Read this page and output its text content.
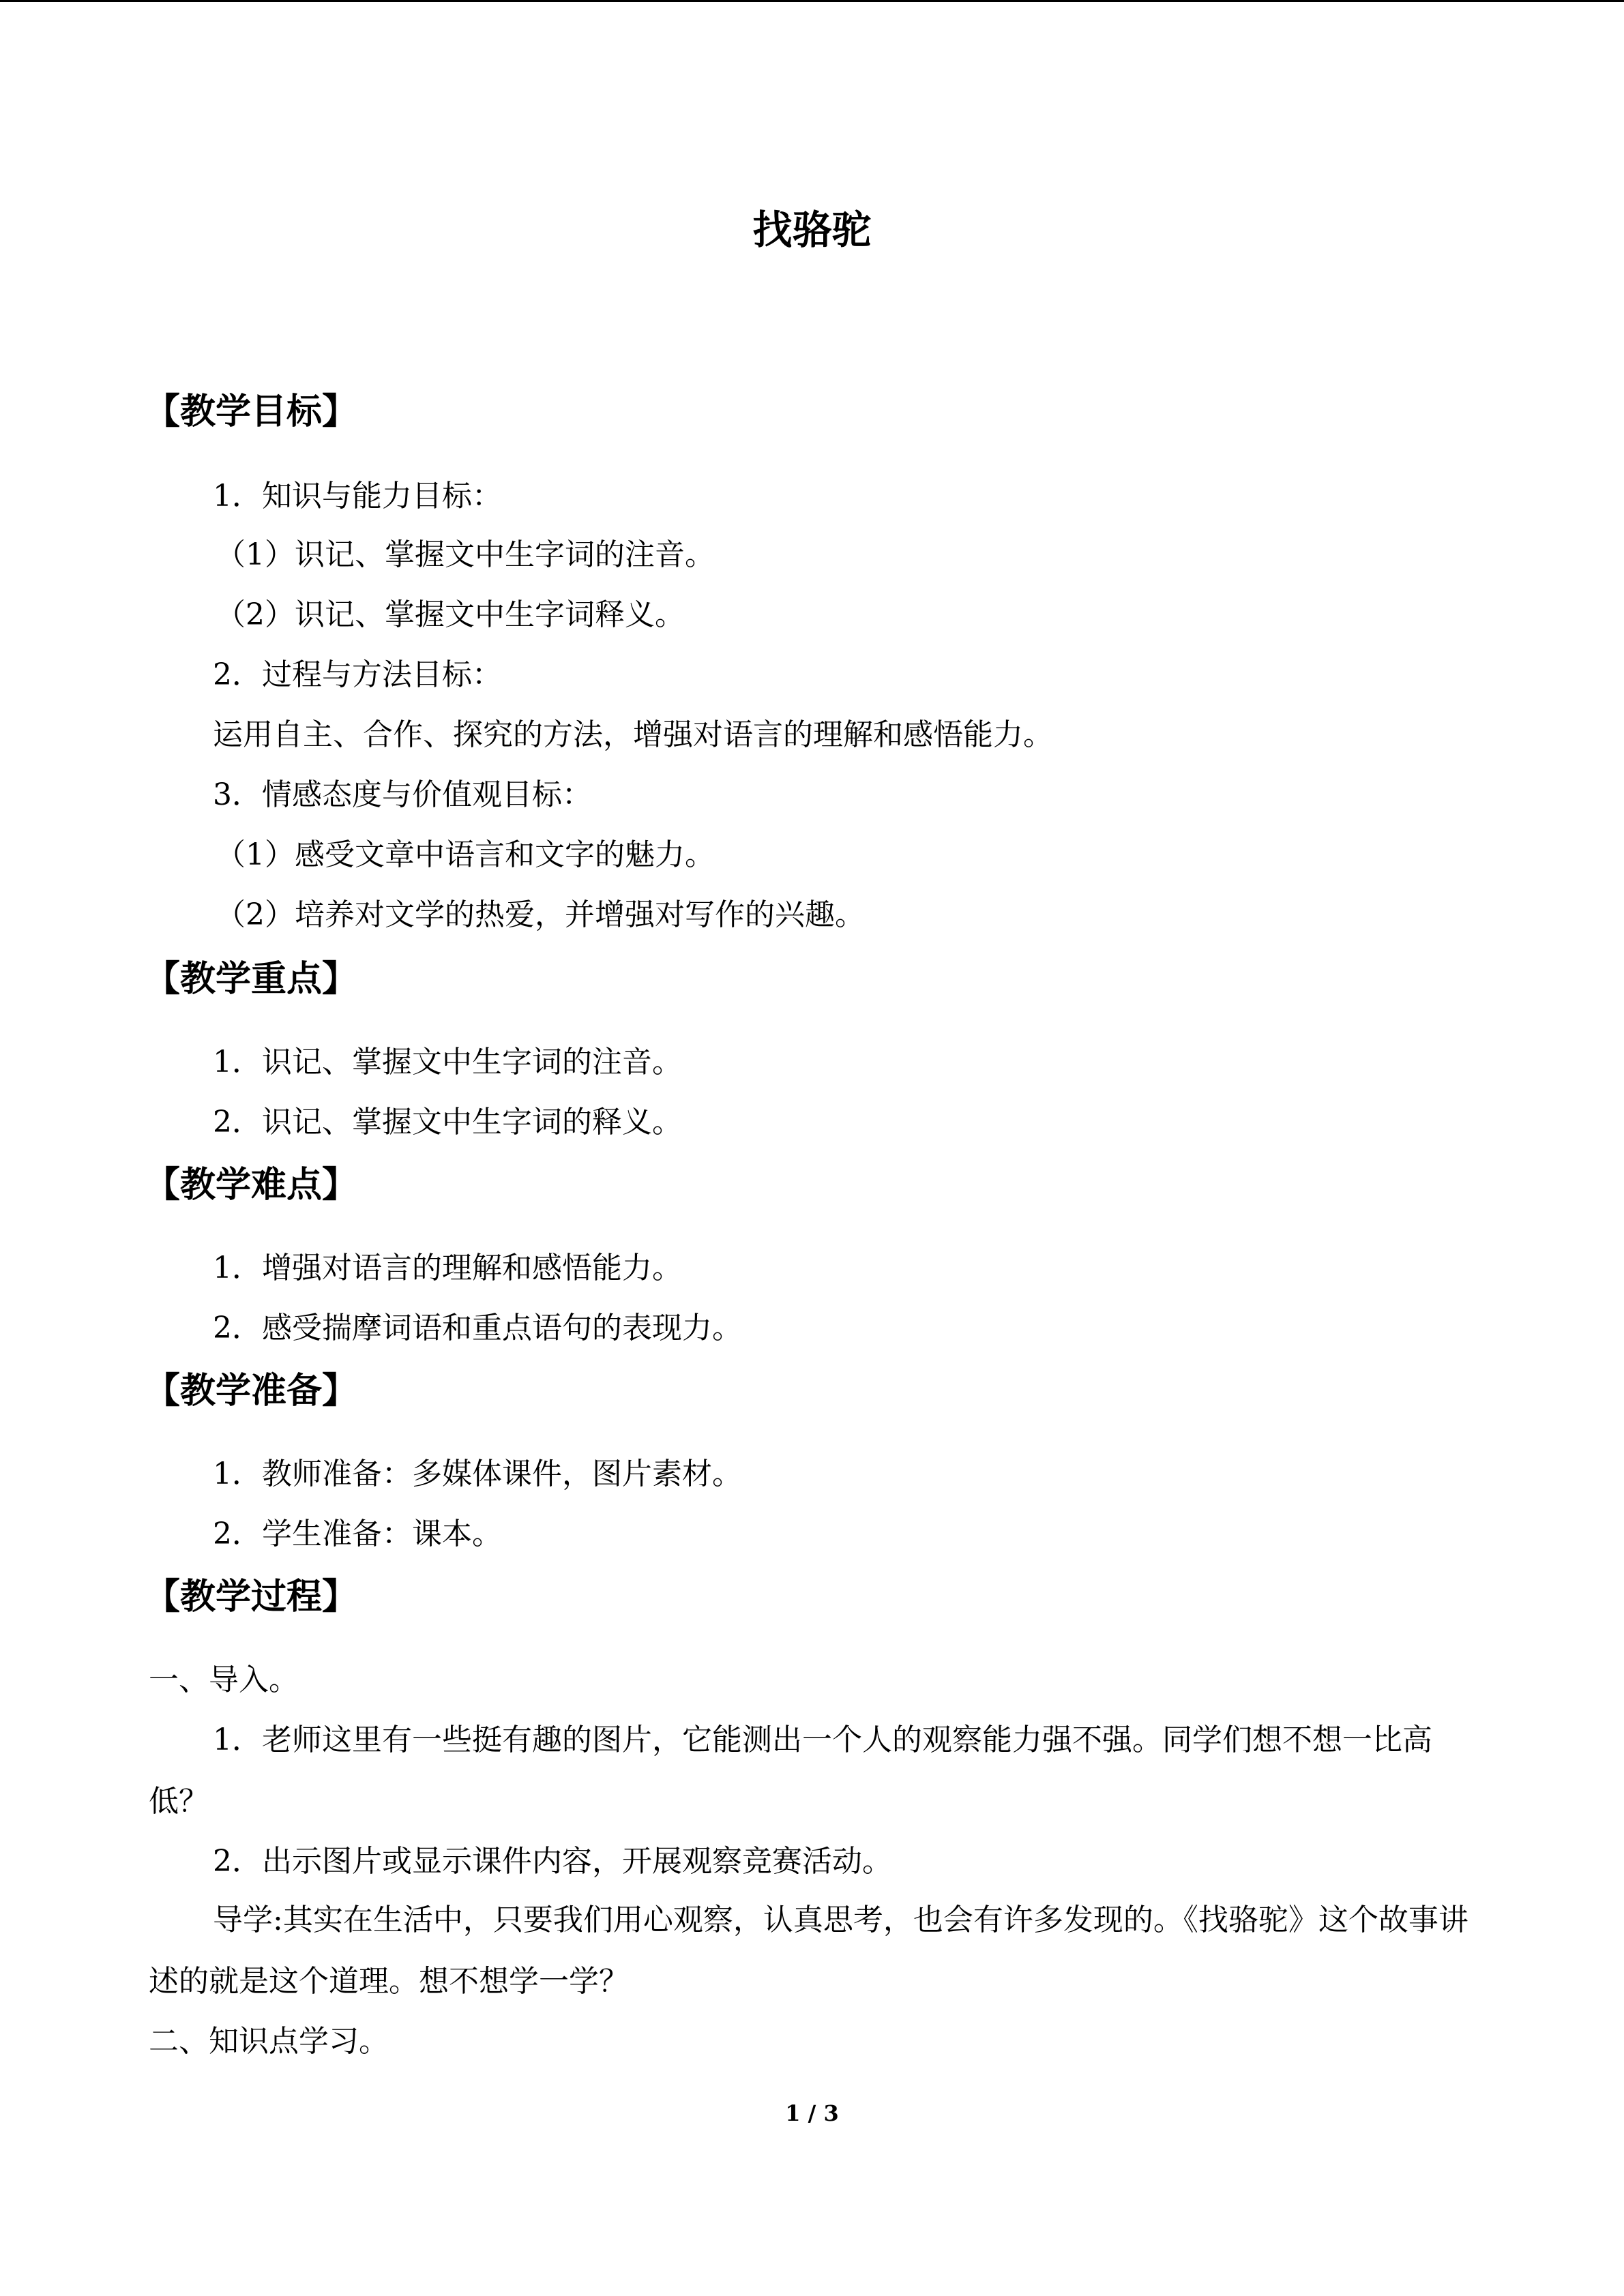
找骆驼
【教学目标】
1．知识与能力目标：
（1）识记、掌握文中生字词的注音。
（2）识记、掌握文中生字词释义。
2．过程与方法目标：
运用自主、合作、探究的方法，增强对语言的理解和感悟能力。
3．情感态度与价值观目标：
（1）感受文章中语言和文字的魅力。
（2）培养对文学的热爱，并增强对写作的兴趣。
【教学重点】
1．识记、掌握文中生字词的注音。
2．识记、掌握文中生字词的释义。
【教学难点】
1．增强对语言的理解和感悟能力。
2．感受揣摩词语和重点语句的表现力。
【教学准备】
1．教师准备：多媒体课件，图片素材。
2．学生准备：课本。
【教学过程】
一、导入。
1．老师这里有一些挺有趣的图片，它能测出一个人的观察能力强不强。同学们想不想一比高低？
2．出示图片或显示课件内容，开展观察竞赛活动。
导学:其实在生活中，只要我们用心观察，认真思考，也会有许多发现的。《找骆驼》这个故事讲述的就是这个道理。想不想学一学？
二、知识点学习。
1 / 3
